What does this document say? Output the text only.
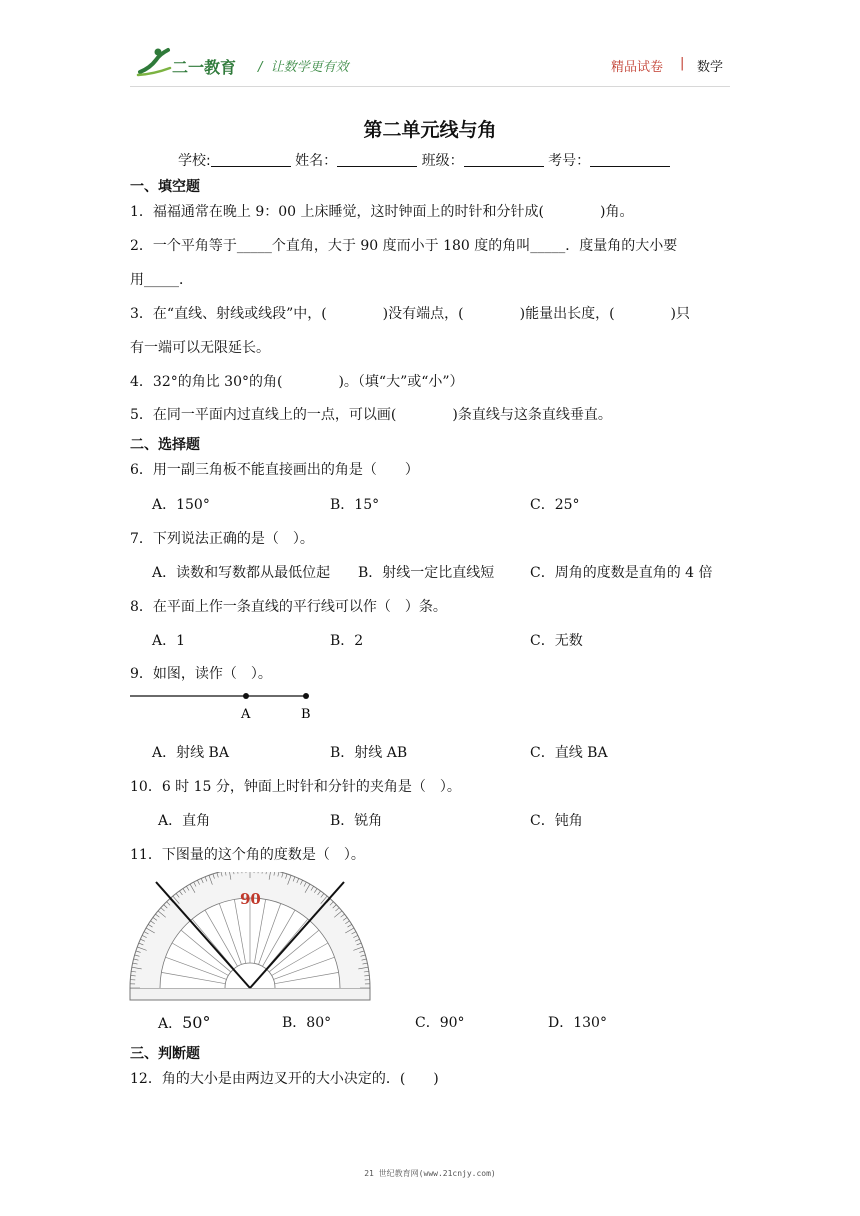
二一教育 /  让数学更有效	精品试卷 | 数学
第二单元线与角
学校:	姓名：	班级：	考号：
一、填空题
1．福福通常在晚上 9：00 上床睡觉，这时钟面上的时针和分针成(　　　　)角。
2．一个平角等于_____个直角，大于 90 度而小于 180 度的角叫_____．度量角的大小要
用_____．
3．在“直线、射线或线段”中，(　　　　)没有端点，(　　　　)能量出长度，(　　　　)只
有一端可以无限延长。
4．32°的角比 30°的角(　　　　)。（填“大”或“小”）
5．在同一平面内过直线上的一点，可以画(　　　　)条直线与这条直线垂直。
二、选择题
6．用一副三角板不能直接画出的角是（　　）
A．150°	B．15°	C．25°
7．下列说法正确的是（　）。
A．读数和写数都从最低位起 B．射线一定比直线短	C．周角的度数是直角的 4 倍
8．在平面上作一条直线的平行线可以作（　）条。
A．1	B．2	C．无数
9．如图，读作（　）。
A	B
A．射线 BA	B．射线 AB	C．直线 BA
10．6 时 15 分，钟面上时针和分针的夹角是（　）。
A．直角	B．锐角	C．钝角
11．下图量的这个角的度数是（　）。
90
A．50°	B．80°	C．90°	D．130°
三、判断题
12．角的大小是由两边叉开的大小决定的．(　　)
21 世纪教育网(www.21cnjy.com)
